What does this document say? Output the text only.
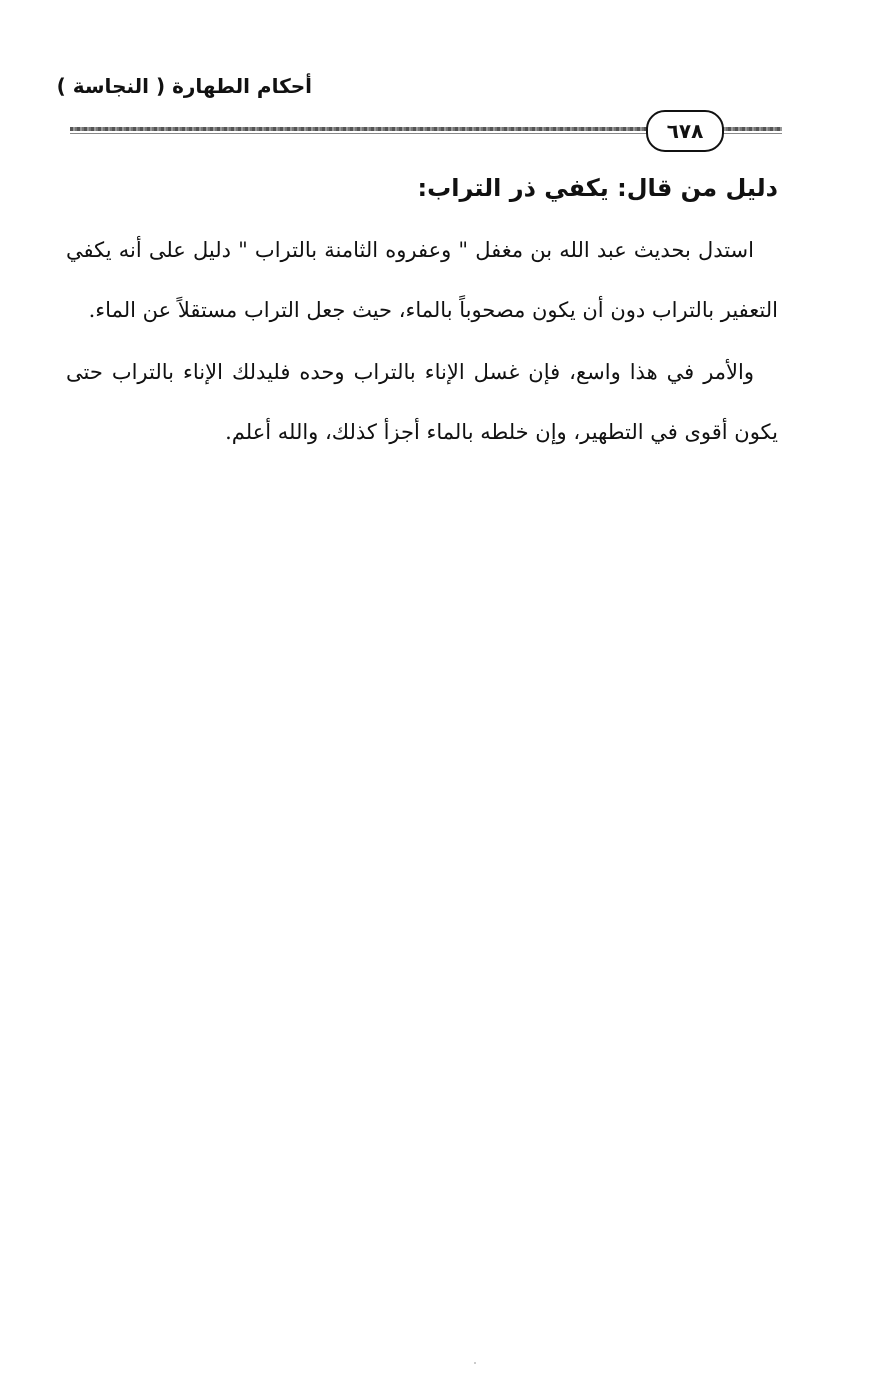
أحكام الطهارة ( النجاسة )
٦٧٨
دليل من قال: يكفي ذر التراب:

استدل بحديث عبد الله بن مغفل " وعفروه الثامنة بالتراب " دليل على أنه يكفي التعفير بالتراب دون أن يكون مصحوباً بالماء، حيث جعل التراب مستقلاً عن الماء.

والأمر في هذا واسع، فإن غسل الإناء بالتراب وحده فليدلك الإناء بالتراب حتى يكون أقوى في التطهير، وإن خلطه بالماء أجزأ كذلك، والله أعلم.
